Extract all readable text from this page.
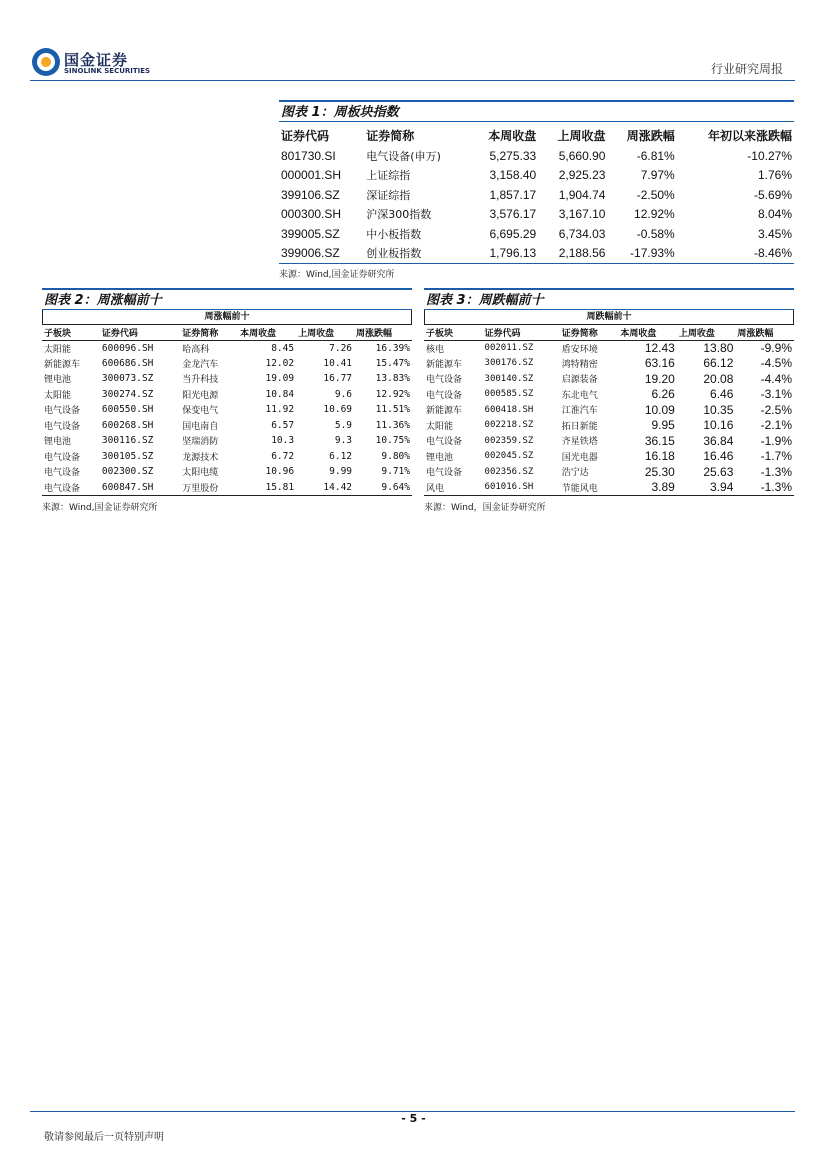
国金证券
SINOLINK SECURITIES	行业研究周报
图表 1：周板块指数
证券代码	证券简称	本周收盘	上周收盘	周涨跌幅	年初以来涨跌幅
801730.SI	电气设备(申万)	5,275.33	5,660.90	-6.81%	-10.27%
000001.SH	上证综指	3,158.40	2,925.23	7.97%	1.76%
399106.SZ	深证综指	1,857.17	1,904.74	-2.50%	-5.69%
000300.SH	沪深300指数	3,576.17	3,167.10	12.92%	8.04%
399005.SZ	中小板指数	6,695.29	6,734.03	-0.58%	3.45%
399006.SZ	创业板指数	1,796.13	2,188.56	-17.93%	-8.46%
来源：Wind,国金证券研究所
图表 2：周涨幅前十
周涨幅前十
子板块	证券代码	证券简称	本周收盘	上周收盘	周涨跌幅
太阳能	600096.SH	哈高科	8.45	7.26	16.39%
新能源车	600686.SH	金龙汽车	12.02	10.41	15.47%
锂电池	300073.SZ	当升科技	19.09	16.77	13.83%
太阳能	300274.SZ	阳光电源	10.84	9.6	12.92%
电气设备	600550.SH	保变电气	11.92	10.69	11.51%
电气设备	600268.SH	国电南自	6.57	5.9	11.36%
锂电池	300116.SZ	坚瑞消防	10.3	9.3	10.75%
电气设备	300105.SZ	龙源技术	6.72	6.12	9.80%
电气设备	002300.SZ	太阳电缆	10.96	9.99	9.71%
电气设备	600847.SH	万里股份	15.81	14.42	9.64%
来源：Wind,国金证券研究所
图表 3：周跌幅前十
周跌幅前十
子板块	证券代码	证券简称	本周收盘	上周收盘	周涨跌幅
核电	002011.SZ	盾安环境	12.43	13.80	-9.9%
新能源车	300176.SZ	鸿特精密	63.16	66.12	-4.5%
电气设备	300140.SZ	启源装备	19.20	20.08	-4.4%
电气设备	000585.SZ	东北电气	6.26	6.46	-3.1%
新能源车	600418.SH	江淮汽车	10.09	10.35	-2.5%
太阳能	002218.SZ	拓日新能	9.95	10.16	-2.1%
电气设备	002359.SZ	齐星铁塔	36.15	36.84	-1.9%
锂电池	002045.SZ	国光电器	16.18	16.46	-1.7%
电气设备	002356.SZ	浩宁达	25.30	25.63	-1.3%
风电	601016.SH	节能风电	3.89	3.94	-1.3%
来源：Wind，国金证券研究所
- 5 -
敬请参阅最后一页特别声明
